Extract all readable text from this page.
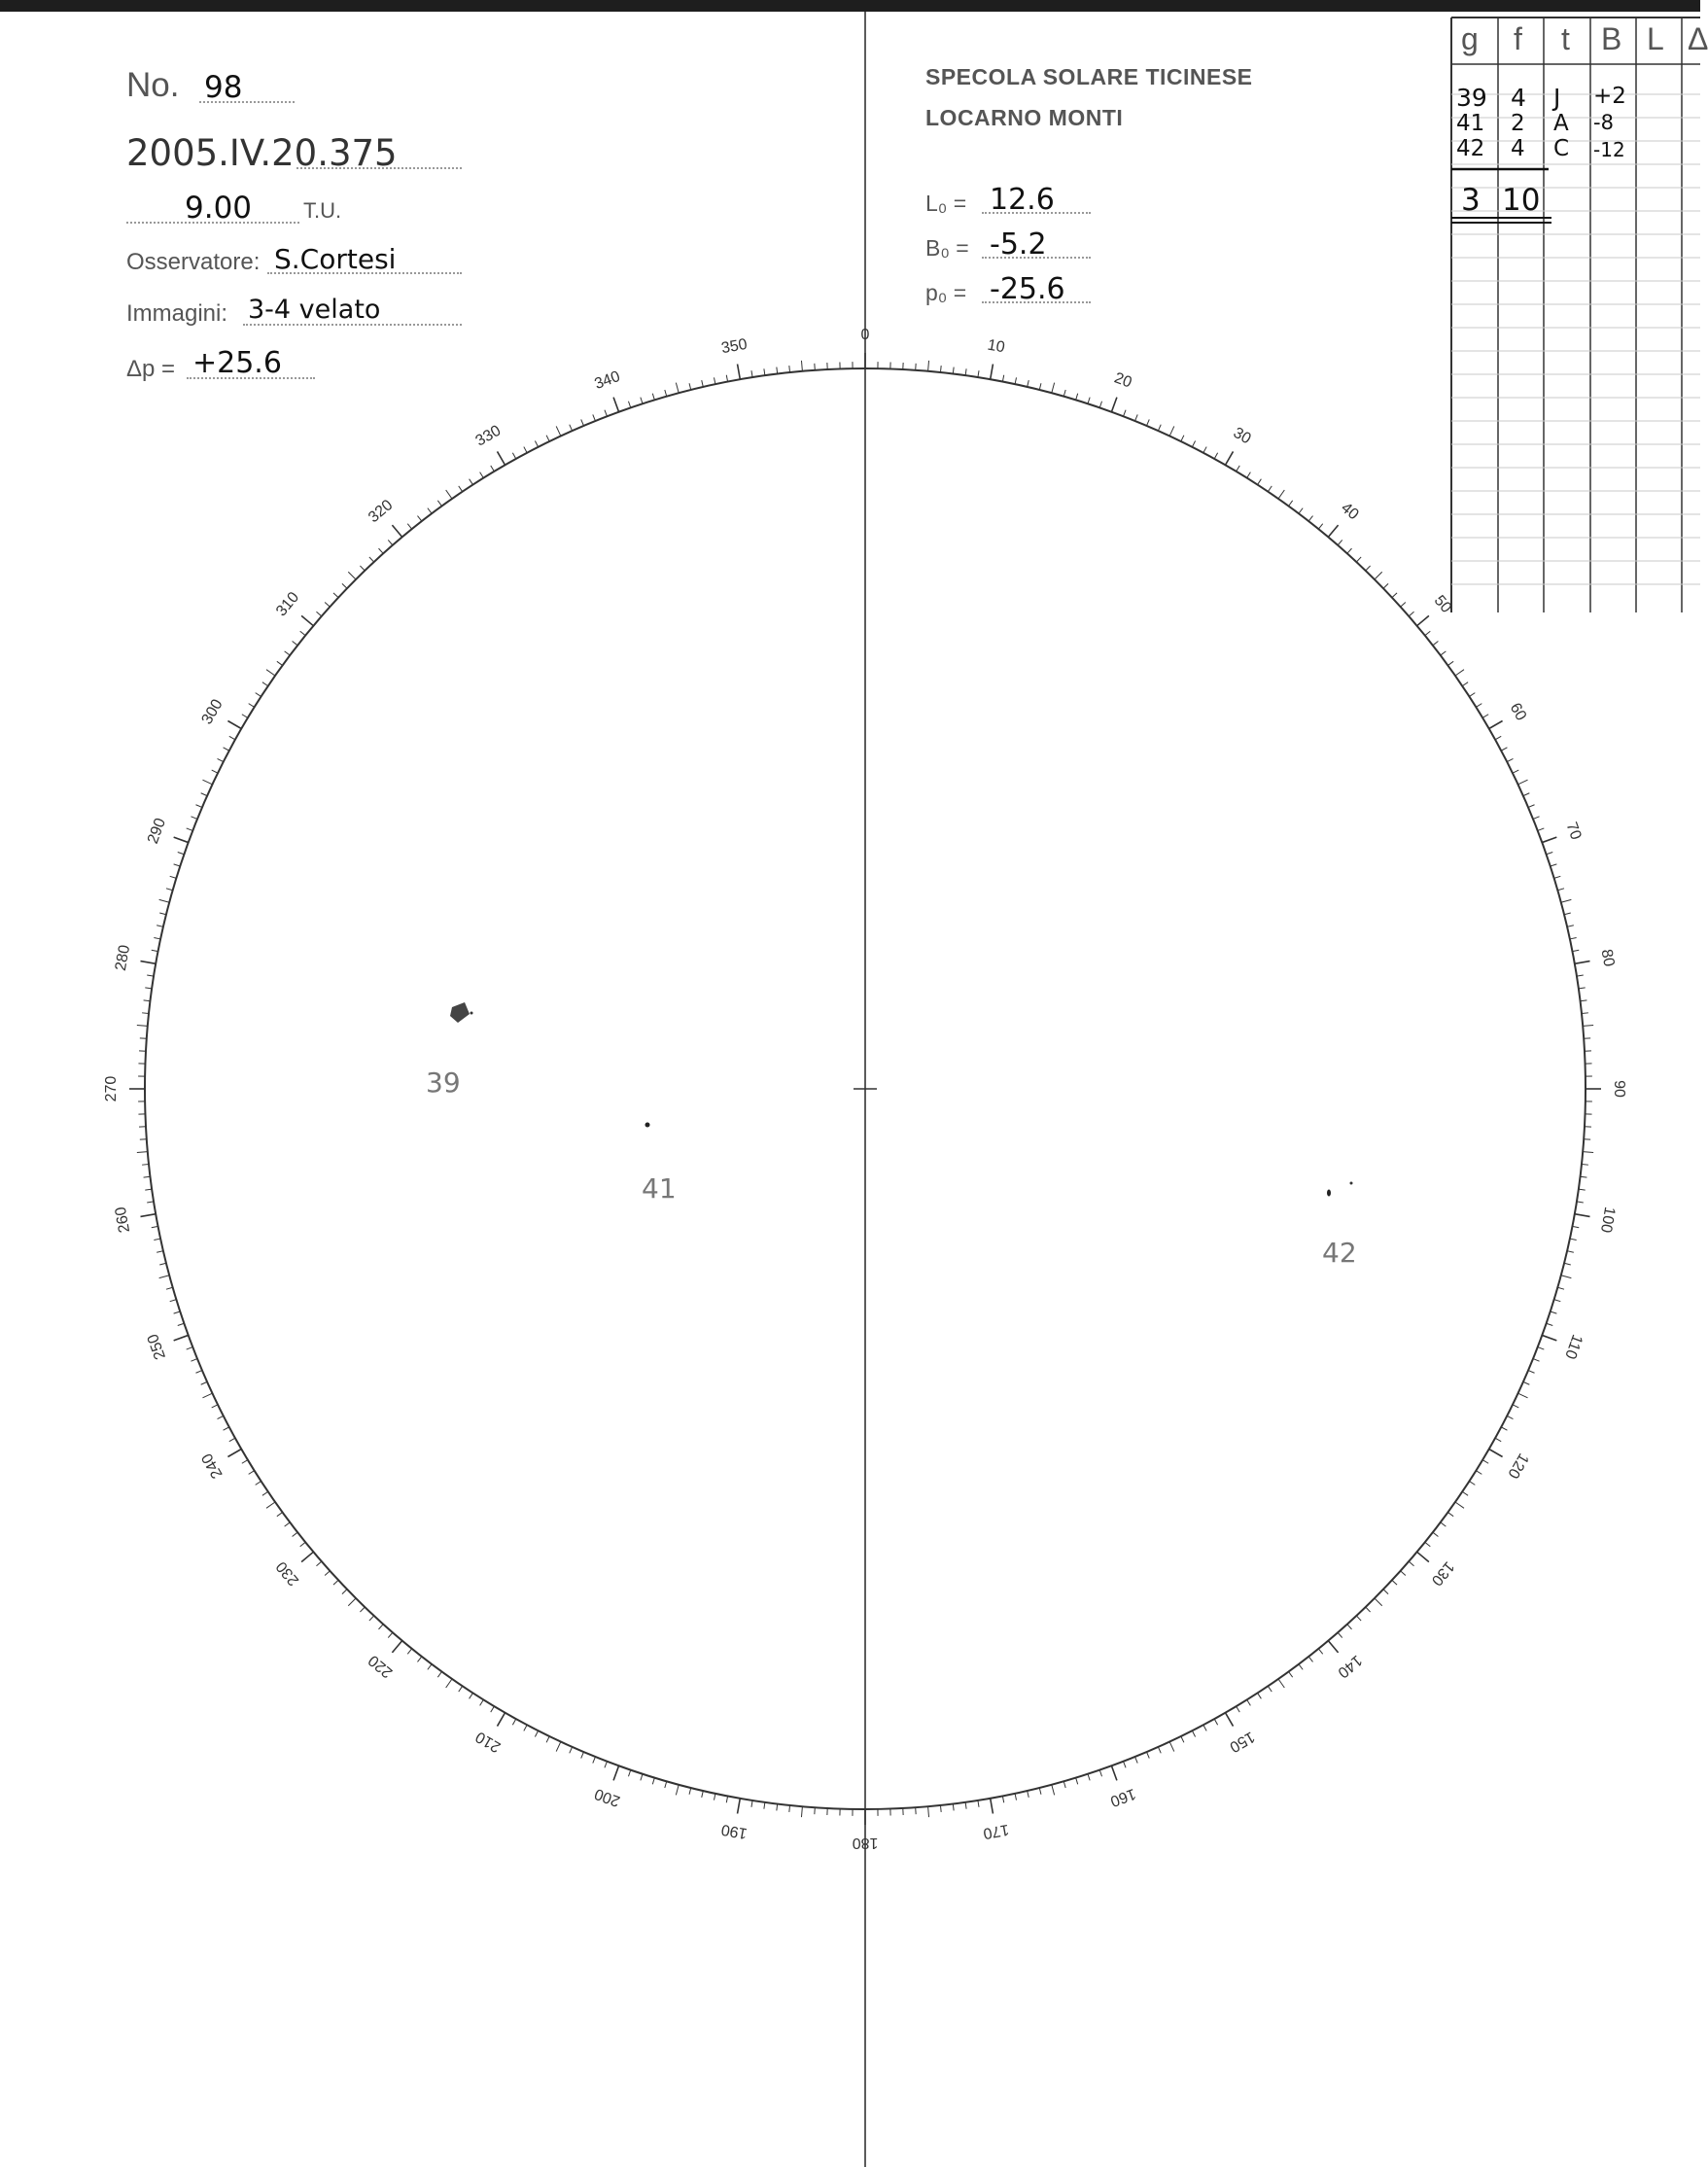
No. 98
2005.IV.20.375
9.00 T.U.
Osservatore: S.Cortesi
Immagini: 3-4 velato
Δp = +25.6
SPECOLA SOLARE TICINESE
LOCARNO MONTI
L₀ = 12.6
B₀ = -5.2
p₀ = -25.6
0
10
20
30
40
50
60
70
80
90
100
110
120
130
140
150
160
170
180
190
200
210
220
230
240
250
260
270
280
290
300
310
320
330
340
350
39
41
42
g f t B L Δ
39 4 J +2
41 2 A -8
42 4 C -12
3 10
